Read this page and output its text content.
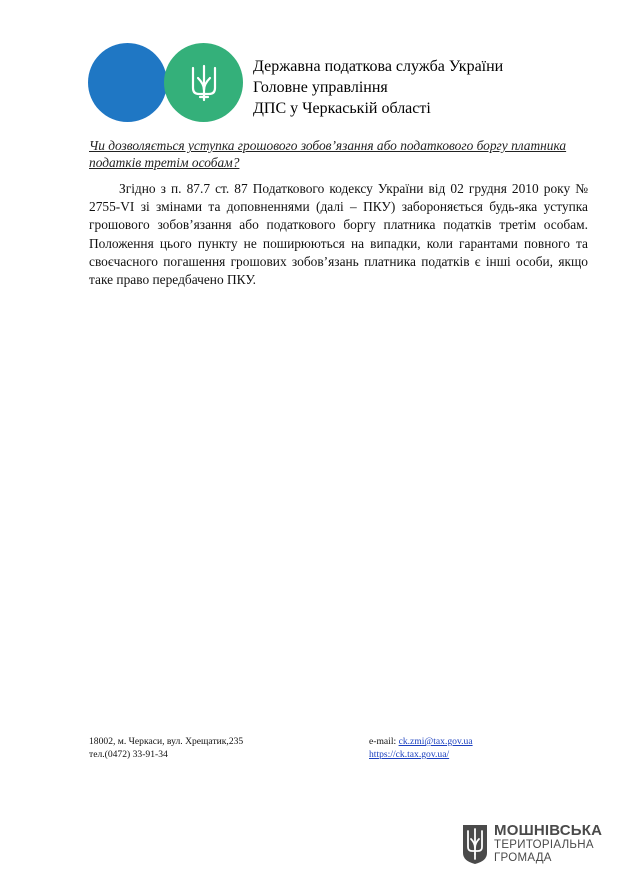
Державна податкова служба України
Головне управління
ДПС у Черкаській області
Чи дозволяється уступка грошового зобов’язання або податкового боргу платника податків третім особам?
Згідно з п. 87.7 ст. 87 Податкового кодексу України від 02 грудня 2010 року № 2755-VI зі змінами та доповненнями (далі – ПКУ) забороняється будь-яка уступка грошового зобов’язання або податкового боргу платника податків третім особам. Положення цього пункту не поширюються на випадки, коли гарантами повного та своєчасного погашення грошових зобов’язань платника податків є інші особи, якщо таке право передбачено ПКУ.
18002, м. Черкаси, вул. Хрещатик,235
тел.(0472) 33-91-34
e-mail: ck.zmi@tax.gov.ua
https://ck.tax.gov.ua/
МОШНІВСЬКА
ТЕРИТОРІАЛЬНА
ГРОМАДА
